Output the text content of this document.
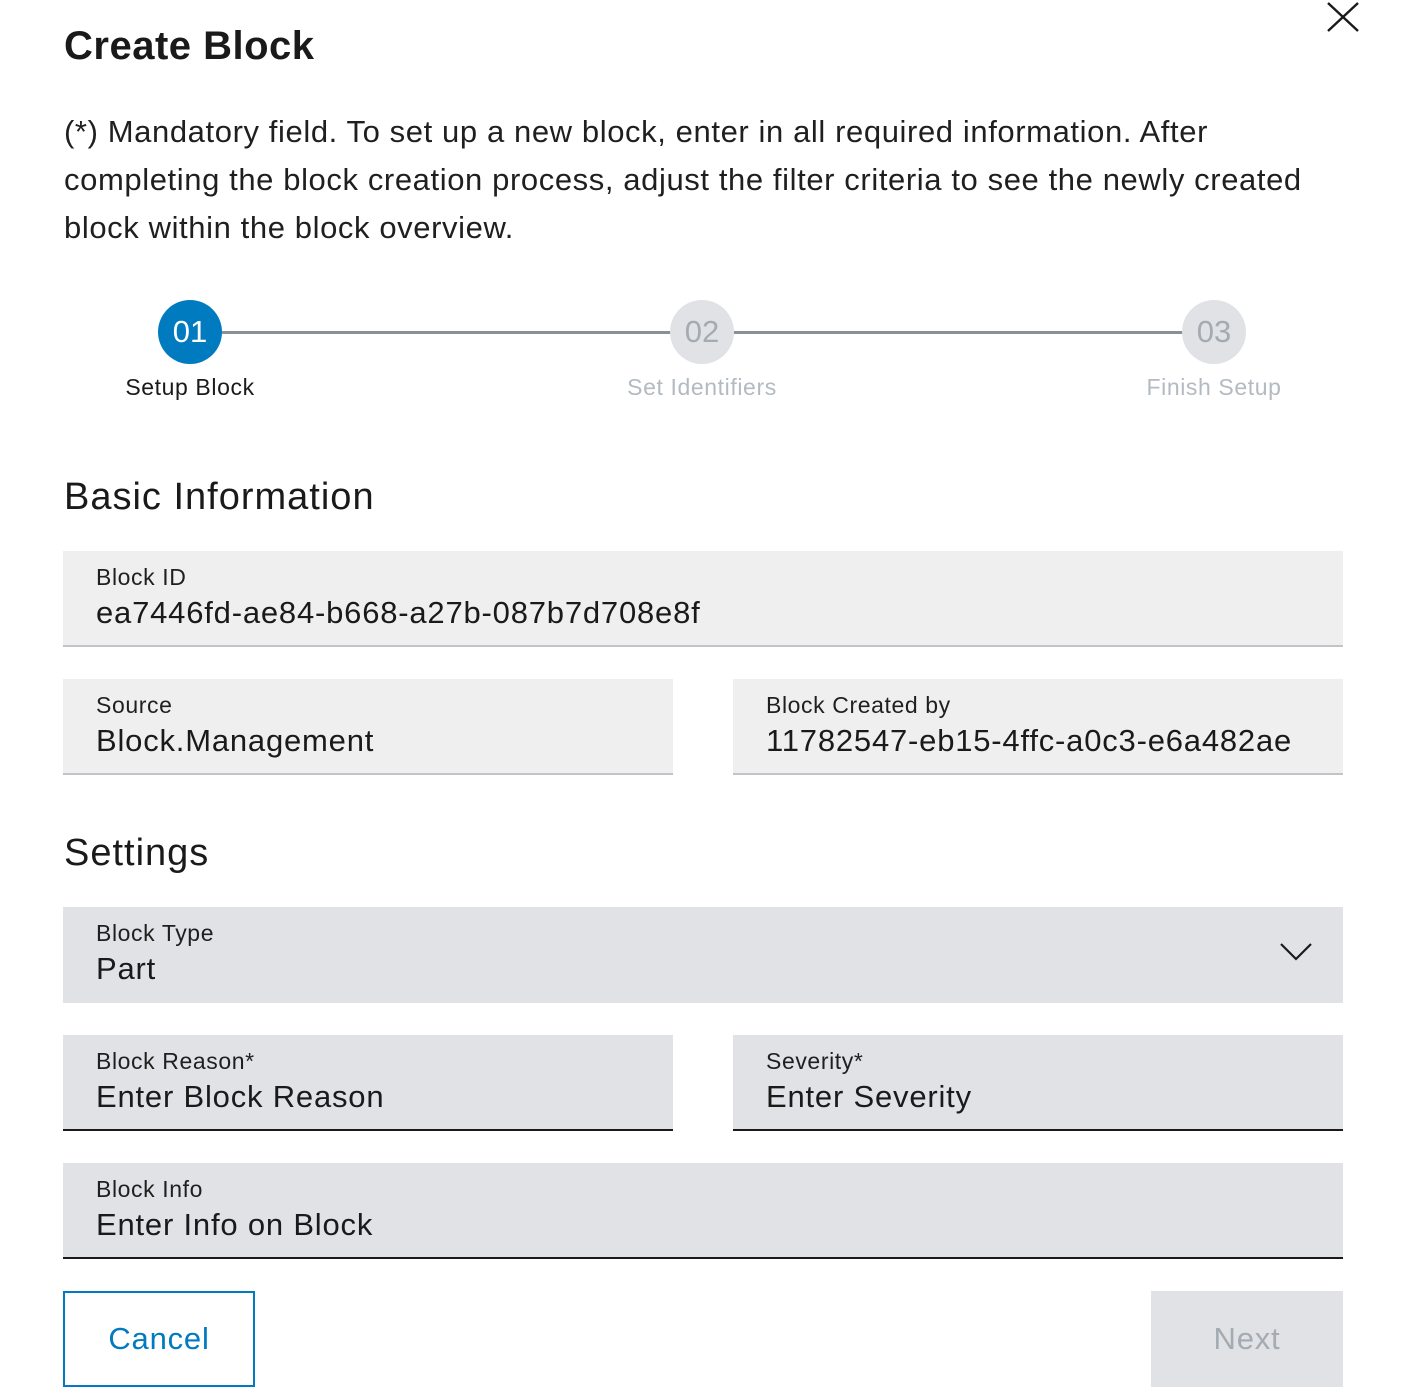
Create Block

(*) Mandatory field. To set up a new block, enter in all required information. After completing the block creation process, adjust the filter criteria to see the newly created block within the block overview.

01
Setup Block
02
Set Identifiers
03
Finish Setup
Basic Information
Block ID
ea7446fd-ae84-b668-a27b-087b7d708e8f
Source
Block.Management
Block Created by
11782547-eb15-4ffc-a0c3-e6a482ae
Settings
Block Type
Part
Block Reason*
Enter Block Reason
Severity*
Enter Severity
Block Info
Enter Info on Block
Cancel	Next
